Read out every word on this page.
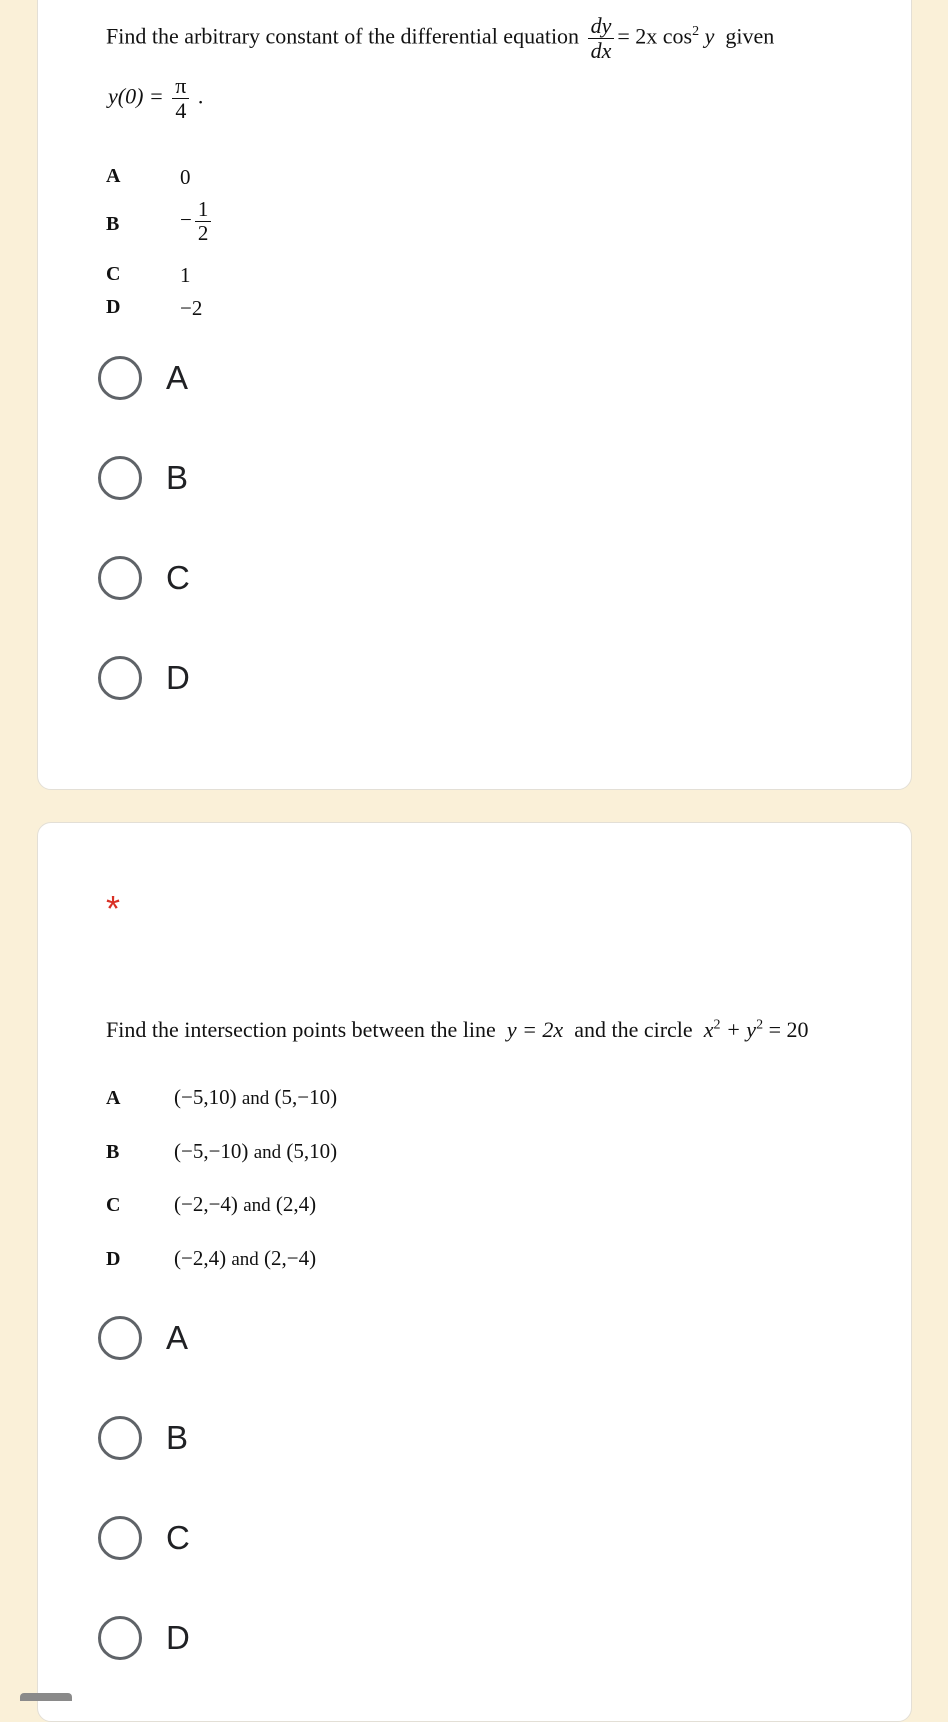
Find the arbitrary constant of the differential equation $\frac{dy}{dx} = 2x$ $\cos^2 y$ given
$y(0) = \frac{\pi}{4}$ .
A	0
B	− $\frac{1}{2}$
C	1
D	−2
A
B
C
D
*
Find the intersection points between the line y = 2x and the circle $x^2 + y^2 = 20$
A	(−5,10) and (5,−10)
B	(−5,−10) and (5,10)
C	(−2,−4) and (2,4)
D	(−2,4) and (2,−4)
A
B
C
D
